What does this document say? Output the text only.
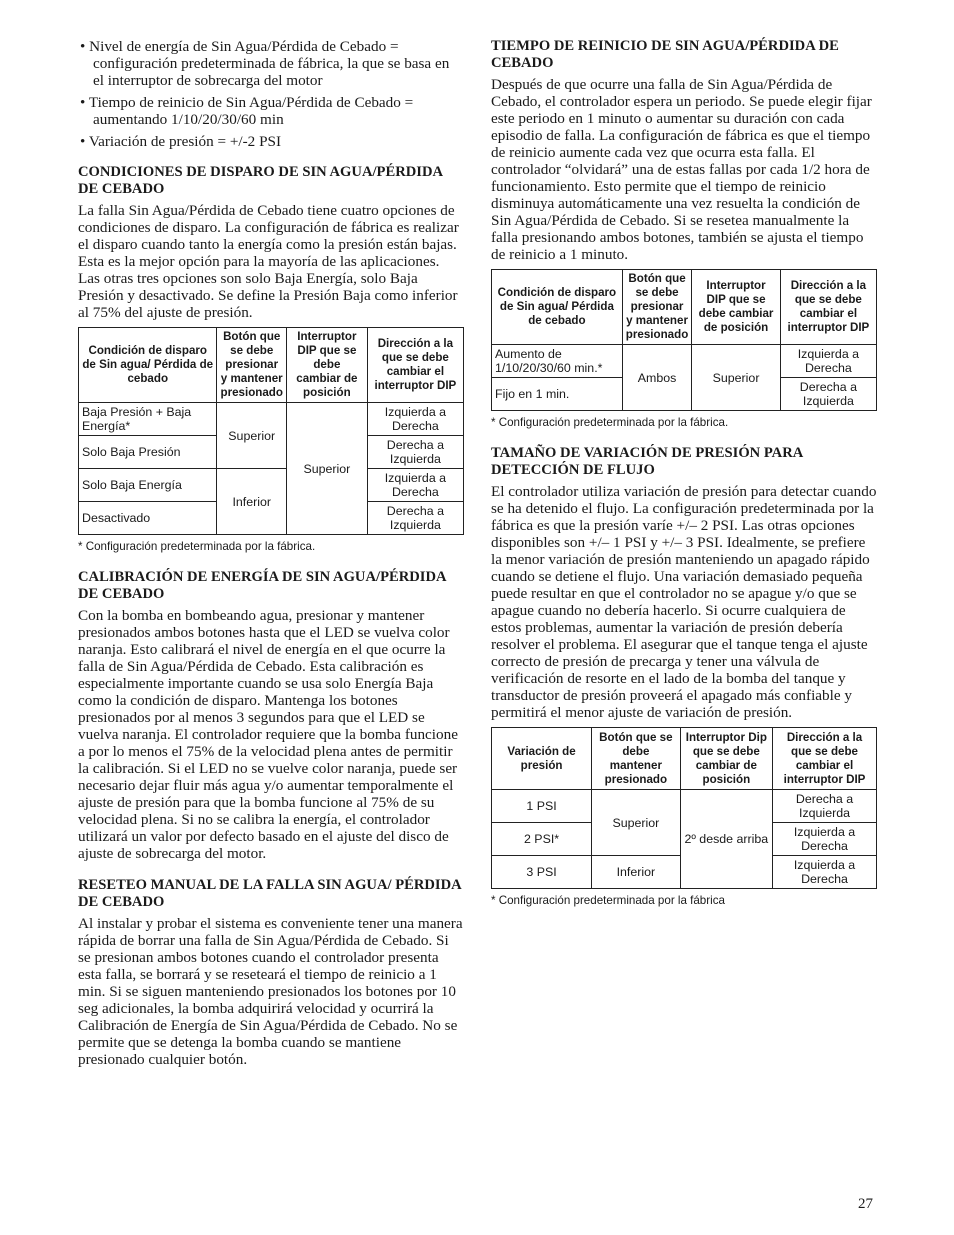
• Nivel de energía de Sin Agua/Pérdida de Cebado = configuración predeterminada de fábrica, la que se basa en el interruptor de sobrecarga del motor
• Tiempo de reinicio de Sin Agua/Pérdida de Cebado = aumentando 1/10/20/30/60 min
• Variación de presión = +/-2 PSI
CONDICIONES DE DISPARO DE SIN AGUA/PÉRDIDA DE CEBADO

La falla Sin Agua/Pérdida de Cebado tiene cuatro opciones de condiciones de disparo. La configuración de fábrica es realizar el disparo cuando tanto la energía como la presión están bajas. Esta es la mejor opción para la mayoría de las aplicaciones. Las otras tres opciones son solo Baja Energía, solo Baja Presión y desactivado. Se define la Presión Baja como inferior al 75% del ajuste de presión.

Condición de disparo de Sin agua/ Pérdida de cebado	Botón que se debe presionar y mantener presionado	Interruptor DIP que se debe cambiar de posición	Dirección a la que se debe cambiar el interruptor DIP
Baja Presión + Baja Energía*	Superior	Superior	Izquierda a Derecha
Solo Baja Presión			Derecha a Izquierda
Solo Baja Energía	Inferior		Izquierda a Derecha
Desactivado			Derecha a Izquierda
* Configuración predeterminada por la fábrica.
CALIBRACIÓN DE ENERGÍA DE SIN AGUA/PÉRDIDA DE CEBADO

Con la bomba en bombeando agua, presionar y mantener presionados ambos botones hasta que el LED se vuelva color naranja. Esto calibrará el nivel de energía en el que ocurre la falla de Sin Agua/Pérdida de Cebado. Esta calibración es especialmente importante cuando se usa solo Energía Baja como la condición de disparo. Mantenga los botones presionados por al menos 3 segundos para que el LED se vuelva naranja. El controlador requiere que la bomba funcione a por lo menos el 75% de la velocidad plena antes de permitir la calibración. Si el LED no se vuelve color naranja, puede ser necesario dejar fluir más agua y/o aumentar temporalmente el ajuste de presión para que la bomba funcione al 75% de su velocidad plena. Si no se calibra la energía, el controlador utilizará un valor por defecto basado en el ajuste del disco de ajuste de sobrecarga del motor.

RESETEO MANUAL DE LA FALLA SIN AGUA/ PÉRDIDA DE CEBADO

Al instalar y probar el sistema es conveniente tener una manera rápida de borrar una falla de Sin Agua/Pérdida de Cebado. Si se presionan ambos botones cuando el controlador presenta esta falla, se borrará y se reseteará el tiempo de reinicio a 1 min. Si se siguen manteniendo presionados los botones por 10 seg adicionales, la bomba adquirirá velocidad y ocurrirá la Calibración de Energía de Sin Agua/Pérdida de Cebado. No se permite que se detenga la bomba cuando se mantiene presionado cualquier botón.

TIEMPO DE REINICIO DE SIN AGUA/PÉRDIDA DE CEBADO

Después de que ocurre una falla de Sin Agua/Pérdida de Cebado, el controlador espera un periodo. Se puede elegir fijar este periodo en 1 minuto o aumentar su duración con cada episodio de falla. La configuración de fábrica es que el tiempo de reinicio aumente cada vez que ocurra esta falla. El controlador “olvidará” una de estas fallas por cada 1/2 hora de funcionamiento. Esto permite que el tiempo de reinicio disminuya automáticamente una vez resuelta la condición de Sin Agua/Pérdida de Cebado. Si se resetea manualmente la falla presionando ambos botones, también se ajusta el tiempo de reinicio a 1 minuto.

Condición de disparo de Sin agua/ Pérdida de cebado	Botón que se debe presionar y mantener presionado	Interruptor DIP que se debe cambiar de posición	Dirección a la que se debe cambiar el interruptor DIP
Aumento de 1/10/20/30/60 min.*	Ambos	Superior	Izquierda a Derecha
Fijo en 1 min.			Derecha a Izquierda
* Configuración predeterminada por la fábrica.
TAMAÑO DE VARIACIÓN DE PRESIÓN PARA DETECCIÓN DE FLUJO

El controlador utiliza variación de presión para detectar cuando se ha detenido el flujo. La configuración predeterminada por la fábrica es que la presión varíe +/– 2 PSI. Las otras opciones disponibles son +/– 1 PSI y +/– 3 PSI. Idealmente, se prefiere la menor variación de presión manteniendo un apagado rápido cuando se detiene el flujo. Una variación demasiado pequeña puede resultar en que el controlador no se apague y/o que se apague cuando no debería hacerlo. Si ocurre cualquiera de estos problemas, aumentar la variación de presión debería resolver el problema. El asegurar que el tanque tenga el ajuste correcto de presión de precarga y tener una válvula de verificación de resorte en el lado de la bomba del tanque y transductor de presión proveerá el apagado más confiable y permitirá el menor ajuste de variación de presión.

Variación de presión	Botón que se debe mantener presionado	Interruptor Dip que se debe cambiar de posición	Dirección a la que se debe cambiar el interruptor DIP
1 PSI	Superior	2º desde arriba	Derecha a Izquierda
2 PSI*			Izquierda a Derecha
3 PSI	Inferior		Izquierda a Derecha
* Configuración predeterminada por la fábrica
27
